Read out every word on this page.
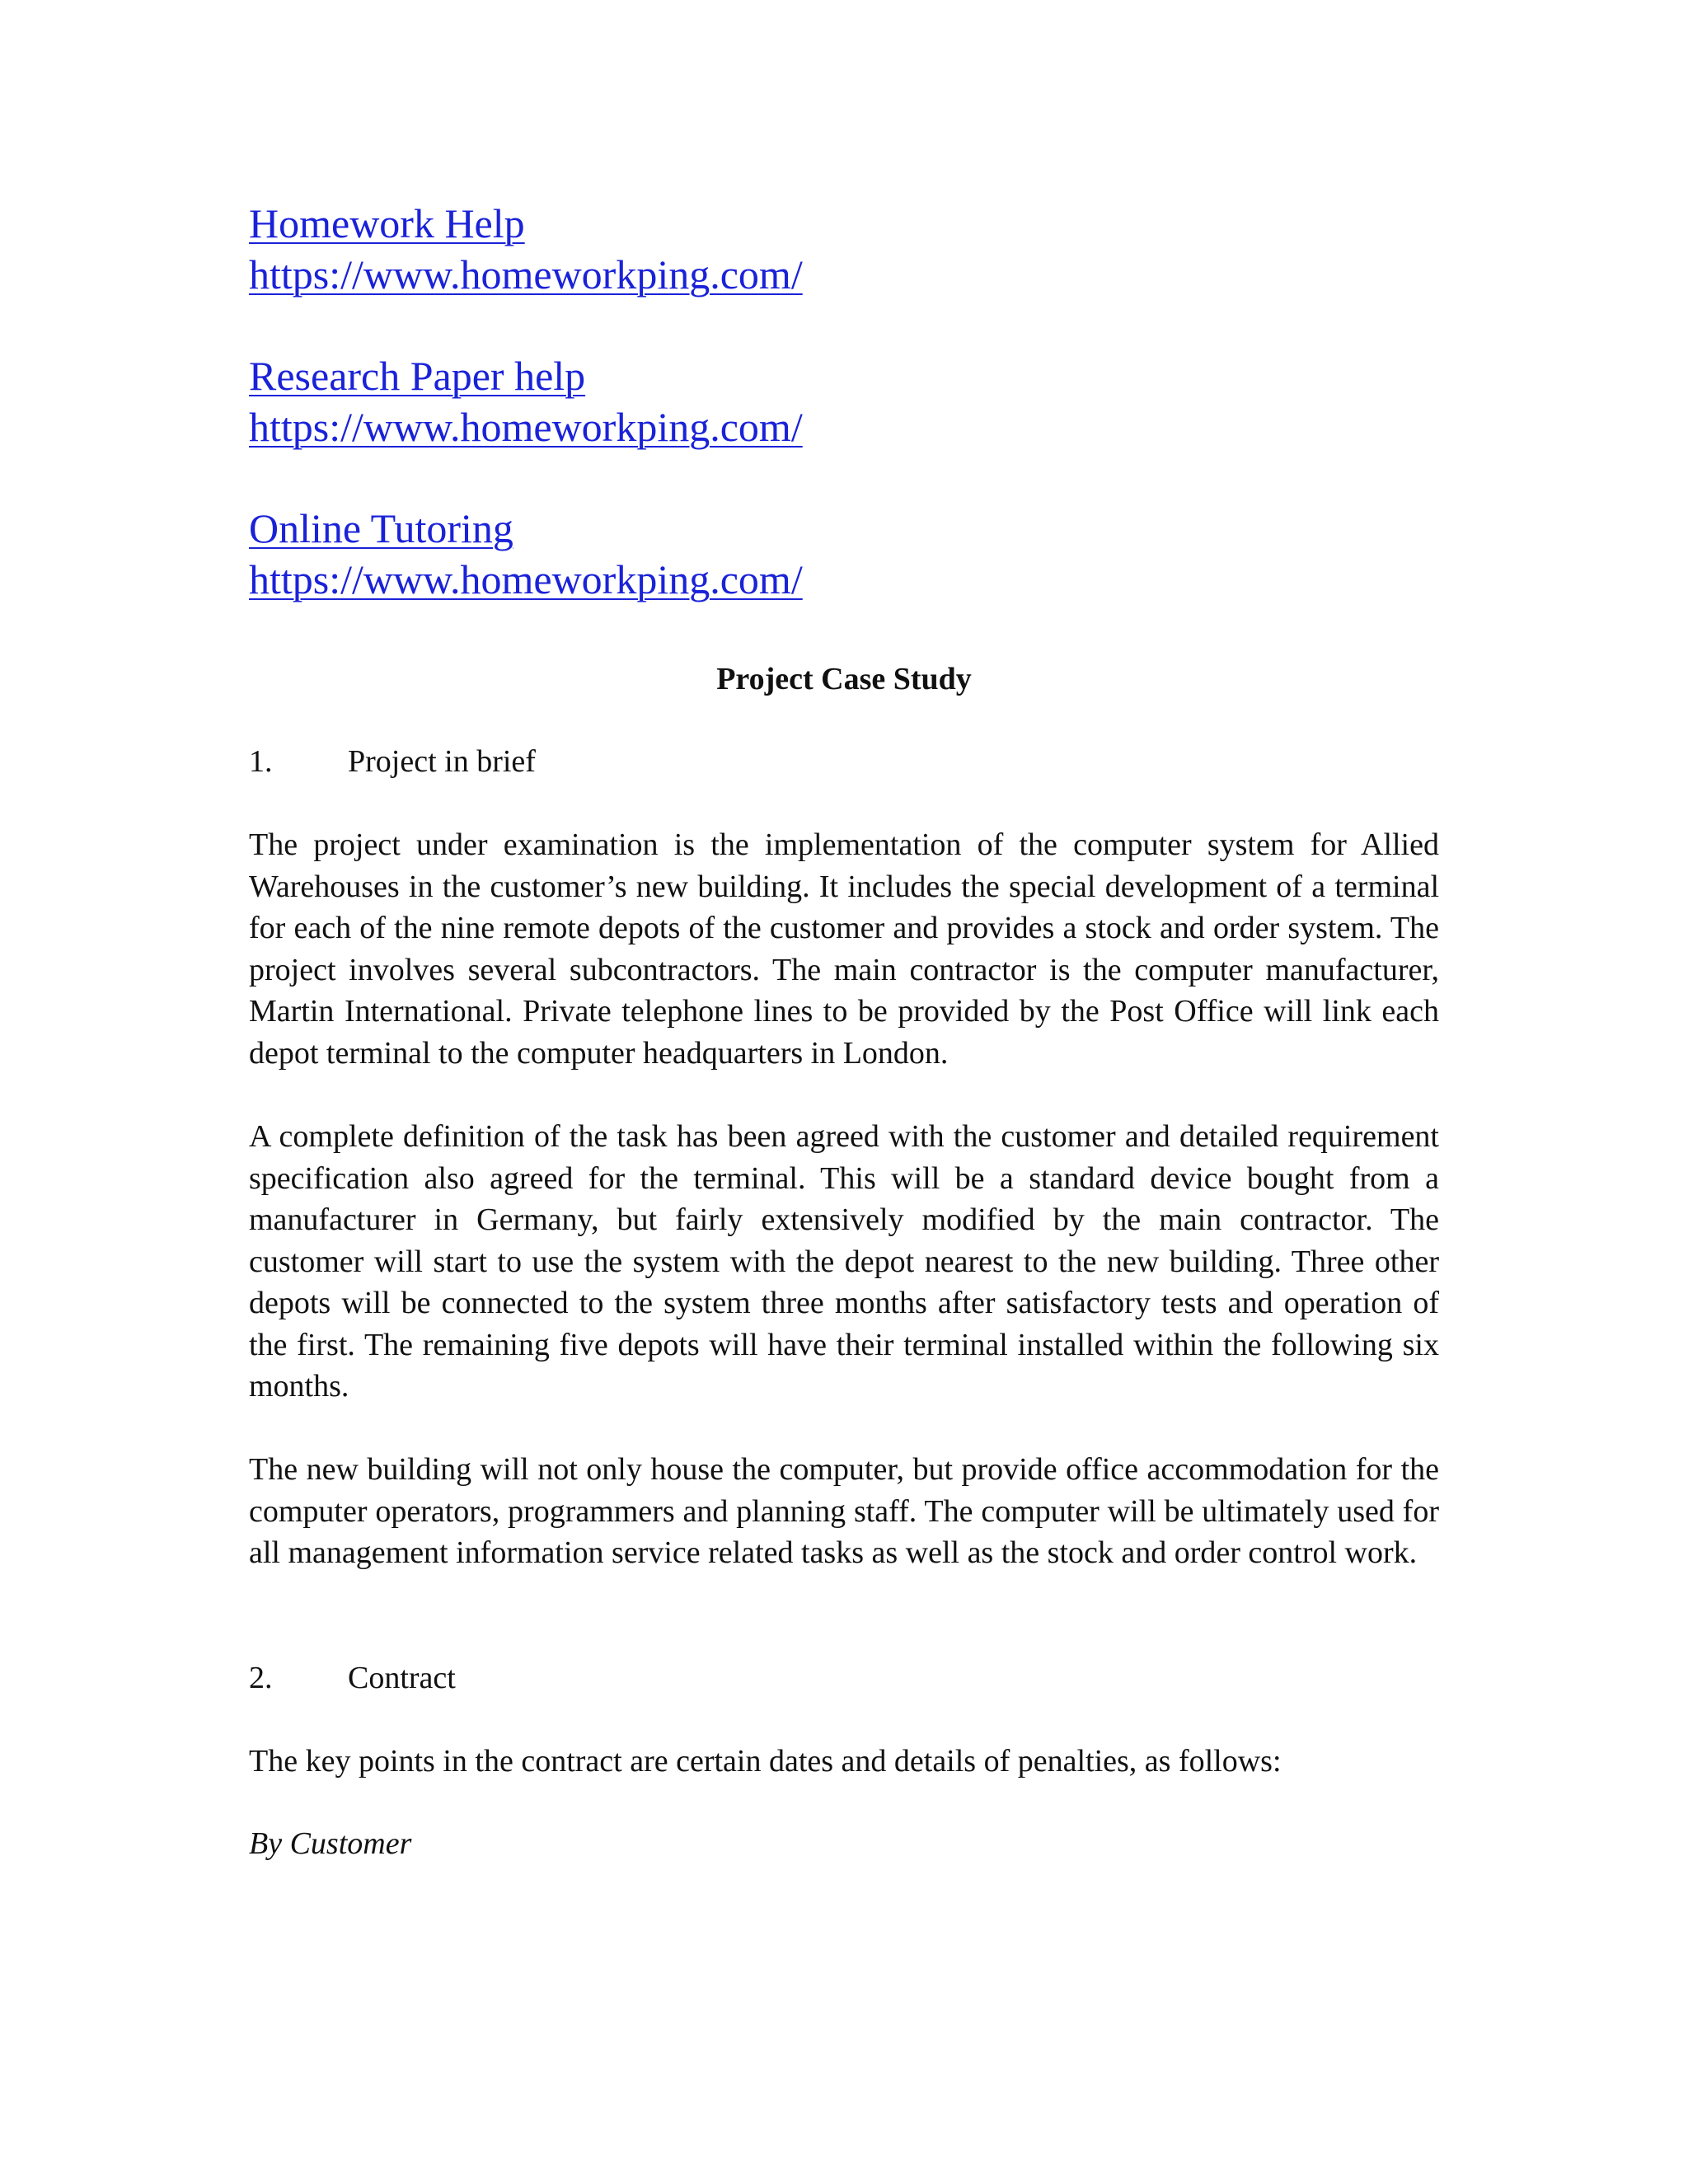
Homework Help
https://www.homeworkping.com/
Research Paper help
https://www.homeworkping.com/
Online Tutoring
https://www.homeworkping.com/
Project Case Study
1. Project in brief

The project under examination is the implementation of the computer system for Allied Warehouses in the customer’s new building. It includes the special development of a terminal for each of the nine remote depots of the customer and provides a stock and order system. The project involves several subcontractors. The main contractor is the computer manufacturer, Martin International. Private telephone lines to be provided by the Post Office will link each depot terminal to the computer headquarters in London.

A complete definition of the task has been agreed with the customer and detailed requirement specification also agreed for the terminal. This will be a standard device bought from a manufacturer in Germany, but fairly extensively modified by the main contractor. The customer will start to use the system with the depot nearest to the new building. Three other depots will be connected to the system three months after satisfactory tests and operation of the first. The remaining five depots will have their terminal installed within the following six months.

The new building will not only house the computer, but provide office accommodation for the computer operators, programmers and planning staff. The computer will be ultimately used for all management information service related tasks as well as the stock and order control work.

2. Contract

The key points in the contract are certain dates and details of penalties, as follows:

By Customer
